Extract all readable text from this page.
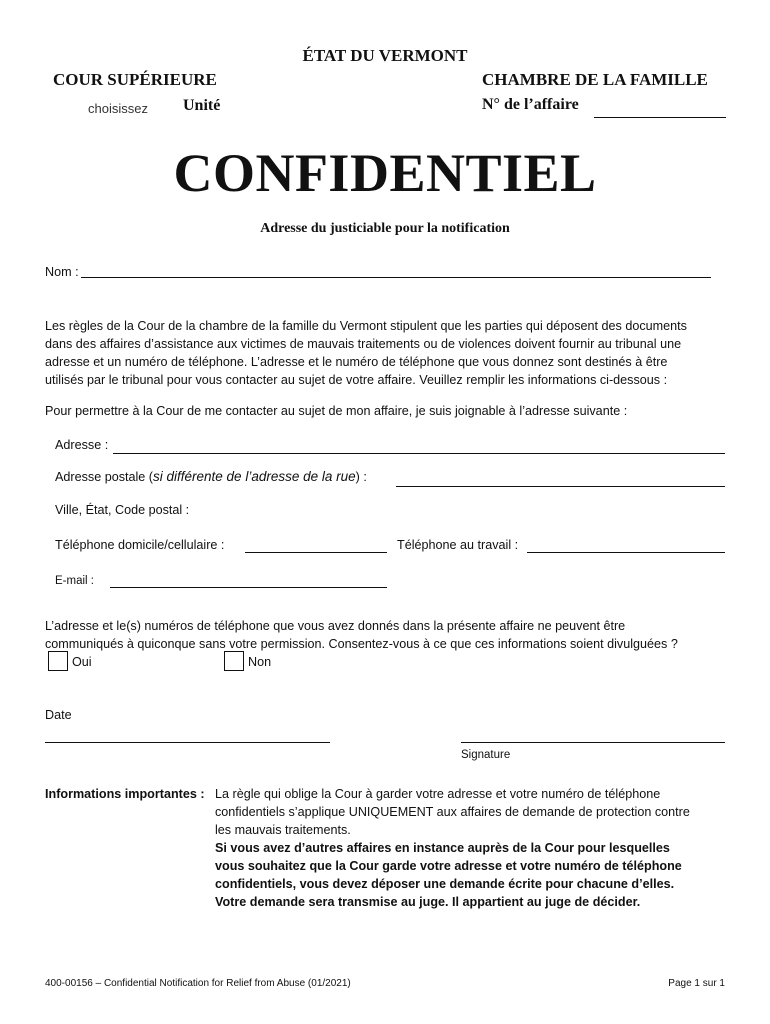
ÉTAT DU VERMONT
COUR SUPÉRIEURE	CHAMBRE DE LA FAMILLE
choisissez Unité	N° de l’affaire
CONFIDENTIEL
Adresse du justiciable pour la notification
Nom :
Les règles de la Cour de la chambre de la famille du Vermont stipulent que les parties qui déposent des documents
dans des affaires d’assistance aux victimes de mauvais traitements ou de violences doivent fournir au tribunal une
adresse et un numéro de téléphone. L’adresse et le numéro de téléphone que vous donnez sont destinés à être
utilisés par le tribunal pour vous contacter au sujet de votre affaire. Veuillez remplir les informations ci-dessous :
Pour permettre à la Cour de me contacter au sujet de mon affaire, je suis joignable à l’adresse suivante :
Adresse :
Adresse postale (si différente de l’adresse de la rue) :
Ville, État, Code postal :
Téléphone domicile/cellulaire :	Téléphone au travail :
E-mail :
L’adresse et le(s) numéros de téléphone que vous avez donnés dans la présente affaire ne peuvent être
communiqués à quiconque sans votre permission. Consentez-vous à ce que ces informations soient divulguées ?
Oui	Non
Date
Signature
Informations importantes : La règle qui oblige la Cour à garder votre adresse et votre numéro de téléphone
confidentiels s’applique UNIQUEMENT aux affaires de demande de protection contre
les mauvais traitements.
Si vous avez d’autres affaires en instance auprès de la Cour pour lesquelles
vous souhaitez que la Cour garde votre adresse et votre numéro de téléphone
confidentiels, vous devez déposer une demande écrite pour chacune d’elles.
Votre demande sera transmise au juge. Il appartient au juge de décider.
400-00156 – Confidential Notification for Relief from Abuse (01/2021)	Page 1 sur 1
